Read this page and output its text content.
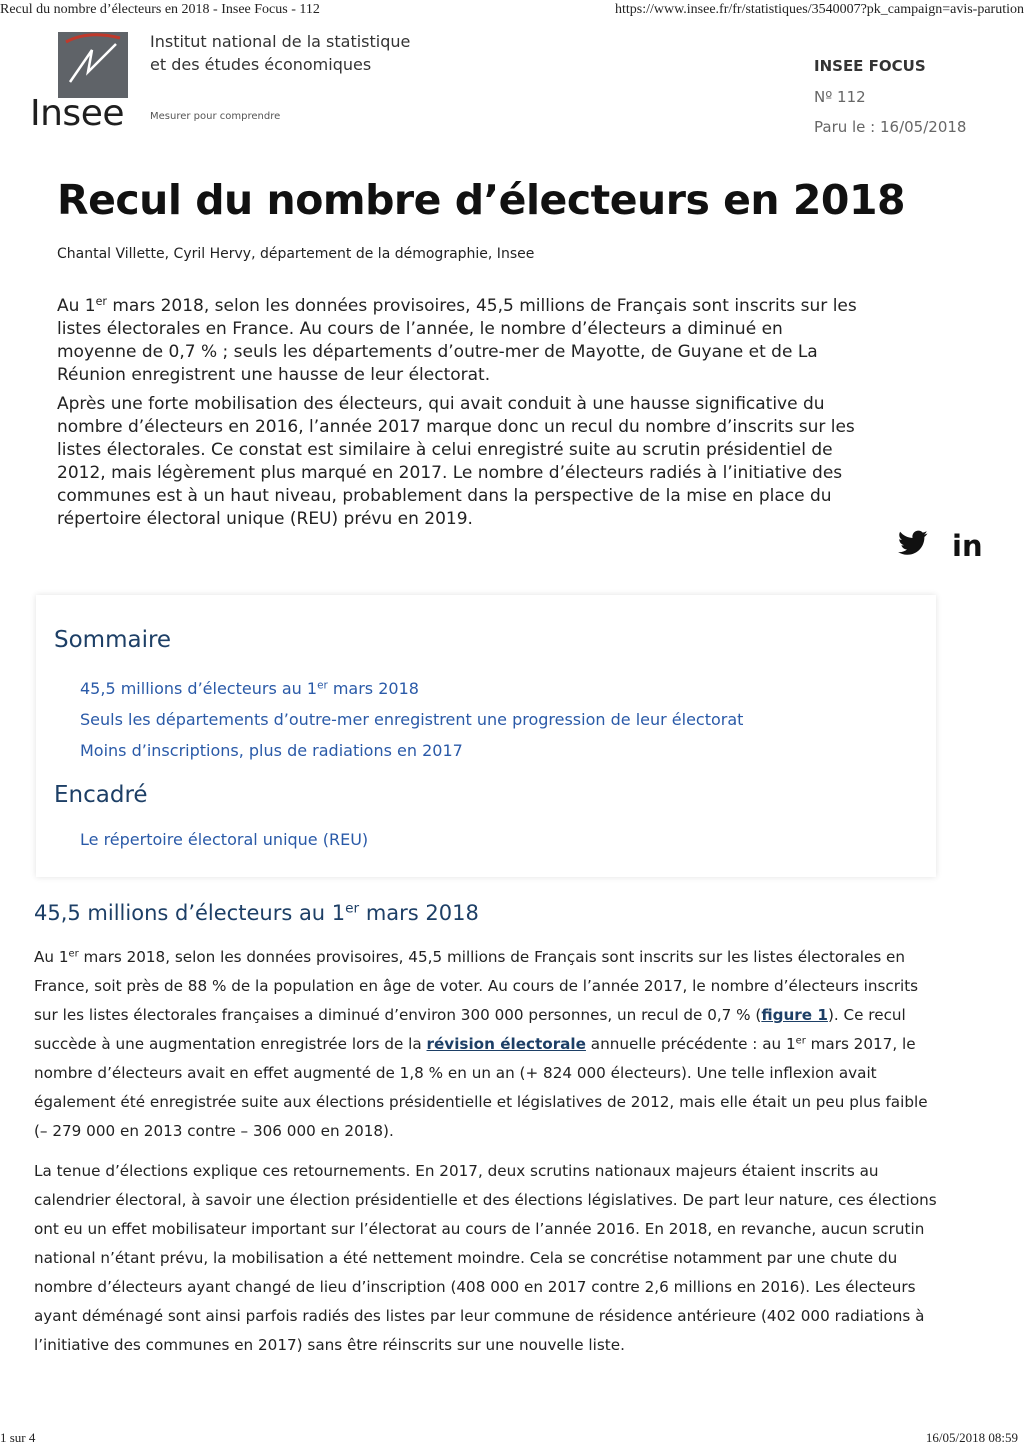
Recul du nombre d’électeurs en 2018 - Insee Focus - 112	https://www.insee.fr/fr/statistiques/3540007?pk_campaign=avis-parution
Insee
Institut national de la statistique
et des études économiques
Mesurer pour comprendre
INSEE FOCUS
Nº 112
Paru le : 16/05/2018
Recul du nombre d’électeurs en 2018
Chantal Villette, Cyril Hervy, département de la démographie, Insee

Au 1er mars 2018, selon les données provisoires, 45,5 millions de Français sont inscrits sur les listes électorales en France. Au cours de l’année, le nombre d’électeurs a diminué en moyenne de 0,7 % ; seuls les départements d’outre-mer de Mayotte, de Guyane et de La Réunion enregistrent une hausse de leur électorat.

Après une forte mobilisation des électeurs, qui avait conduit à une hausse significative du nombre d’électeurs en 2016, l’année 2017 marque donc un recul du nombre d’inscrits sur les listes électorales. Ce constat est similaire à celui enregistré suite au scrutin présidentiel de 2012, mais légèrement plus marqué en 2017. Le nombre d’électeurs radiés à l’initiative des communes est à un haut niveau, probablement dans la perspective de la mise en place du répertoire électoral unique (REU) prévu en 2019.

in
Sommaire
45,5 millions d’électeurs au 1er mars 2018
Seuls les départements d’outre-mer enregistrent une progression de leur électorat
Moins d’inscriptions, plus de radiations en 2017
Encadré
Le répertoire électoral unique (REU)
45,5 millions d’électeurs au 1er mars 2018

Au 1er mars 2018, selon les données provisoires, 45,5 millions de Français sont inscrits sur les listes électorales en France, soit près de 88 % de la population en âge de voter. Au cours de l’année 2017, le nombre d’électeurs inscrits sur les listes électorales françaises a diminué d’environ 300 000 personnes, un recul de 0,7 % (figure 1). Ce recul succède à une augmentation enregistrée lors de la révision électorale annuelle précédente : au 1er mars 2017, le nombre d’électeurs avait en effet augmenté de 1,8 % en un an (+ 824 000 électeurs). Une telle inflexion avait également été enregistrée suite aux élections présidentielle et législatives de 2012, mais elle était un peu plus faible (– 279 000 en 2013 contre – 306 000 en 2018).

La tenue d’élections explique ces retournements. En 2017, deux scrutins nationaux majeurs étaient inscrits au calendrier électoral, à savoir une élection présidentielle et des élections législatives. De part leur nature, ces élections ont eu un effet mobilisateur important sur l’électorat au cours de l’année 2016. En 2018, en revanche, aucun scrutin national n’étant prévu, la mobilisation a été nettement moindre. Cela se concrétise notamment par une chute du nombre d’électeurs ayant changé de lieu d’inscription (408 000 en 2017 contre 2,6 millions en 2016). Les électeurs ayant déménagé sont ainsi parfois radiés des listes par leur commune de résidence antérieure (402 000 radiations à l’initiative des communes en 2017) sans être réinscrits sur une nouvelle liste.

1 sur 4	16/05/2018 08:59
